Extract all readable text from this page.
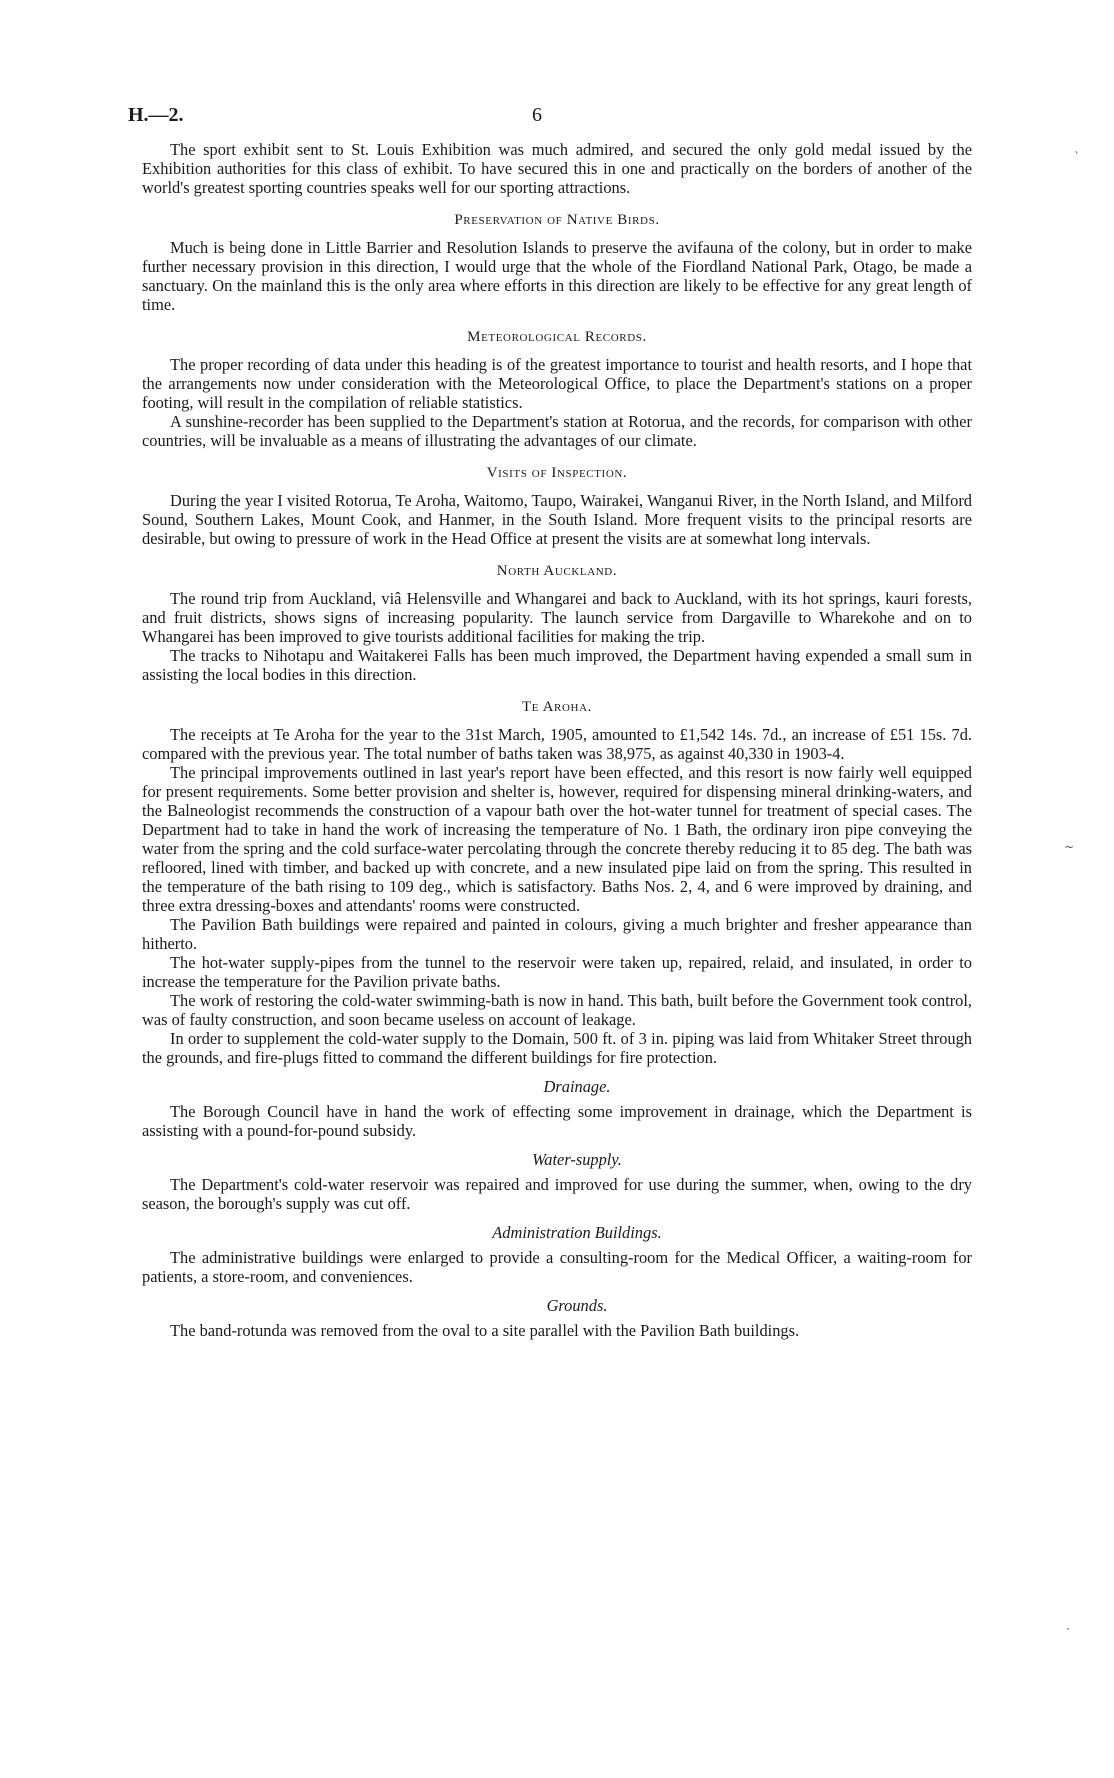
H.—2.	6

The sport exhibit sent to St. Louis Exhibition was much admired, and secured the only gold medal issued by the Exhibition authorities for this class of exhibit. To have secured this in one and practically on the borders of another of the world's greatest sporting countries speaks well for our sporting attractions.

Preservation of Native Birds.

Much is being done in Little Barrier and Resolution Islands to preserve the avifauna of the colony, but in order to make further necessary provision in this direction, I would urge that the whole of the Fiordland National Park, Otago, be made a sanctuary. On the mainland this is the only area where efforts in this direction are likely to be effective for any great length of time.

Meteorological Records.

The proper recording of data under this heading is of the greatest importance to tourist and health resorts, and I hope that the arrangements now under consideration with the Meteorological Office, to place the Department's stations on a proper footing, will result in the compilation of reliable statistics.

A sunshine-recorder has been supplied to the Department's station at Rotorua, and the records, for comparison with other countries, will be invaluable as a means of illustrating the advantages of our climate.

Visits of Inspection.

During the year I visited Rotorua, Te Aroha, Waitomo, Taupo, Wairakei, Wanganui River, in the North Island, and Milford Sound, Southern Lakes, Mount Cook, and Hanmer, in the South Island. More frequent visits to the principal resorts are desirable, but owing to pressure of work in the Head Office at present the visits are at somewhat long intervals.

North Auckland.

The round trip from Auckland, viâ Helensville and Whangarei and back to Auckland, with its hot springs, kauri forests, and fruit districts, shows signs of increasing popularity. The launch service from Dargaville to Wharekohe and on to Whangarei has been improved to give tourists additional facilities for making the trip.

The tracks to Nihotapu and Waitakerei Falls has been much improved, the Department having expended a small sum in assisting the local bodies in this direction.

Te Aroha.

The receipts at Te Aroha for the year to the 31st March, 1905, amounted to £1,542 14s. 7d., an increase of £51 15s. 7d. compared with the previous year. The total number of baths taken was 38,975, as against 40,330 in 1903-4.

The principal improvements outlined in last year's report have been effected, and this resort is now fairly well equipped for present requirements. Some better provision and shelter is, however, required for dispensing mineral drinking-waters, and the Balneologist recommends the construction of a vapour bath over the hot-water tunnel for treatment of special cases. The Department had to take in hand the work of increasing the temperature of No. 1 Bath, the ordinary iron pipe conveying the water from the spring and the cold surface-water percolating through the concrete thereby reducing it to 85 deg. The bath was refloored, lined with timber, and backed up with concrete, and a new insulated pipe laid on from the spring. This resulted in the temperature of the bath rising to 109 deg., which is satisfactory. Baths Nos. 2, 4, and 6 were improved by draining, and three extra dressing-boxes and attendants' rooms were constructed.

The Pavilion Bath buildings were repaired and painted in colours, giving a much brighter and fresher appearance than hitherto.

The hot-water supply-pipes from the tunnel to the reservoir were taken up, repaired, relaid, and insulated, in order to increase the temperature for the Pavilion private baths.

The work of restoring the cold-water swimming-bath is now in hand. This bath, built before the Government took control, was of faulty construction, and soon became useless on account of leakage.

In order to supplement the cold-water supply to the Domain, 500 ft. of 3 in. piping was laid from Whitaker Street through the grounds, and fire-plugs fitted to command the different buildings for fire protection.

Drainage.

The Borough Council have in hand the work of effecting some improvement in drainage, which the Department is assisting with a pound-for-pound subsidy.

Water-supply.

The Department's cold-water reservoir was repaired and improved for use during the summer, when, owing to the dry season, the borough's supply was cut off.

Administration Buildings.

The administrative buildings were enlarged to provide a consulting-room for the Medical Officer, a waiting-room for patients, a store-room, and conveniences.

Grounds.

The band-rotunda was removed from the oval to a site parallel with the Pavilion Bath buildings.

`
~
·
